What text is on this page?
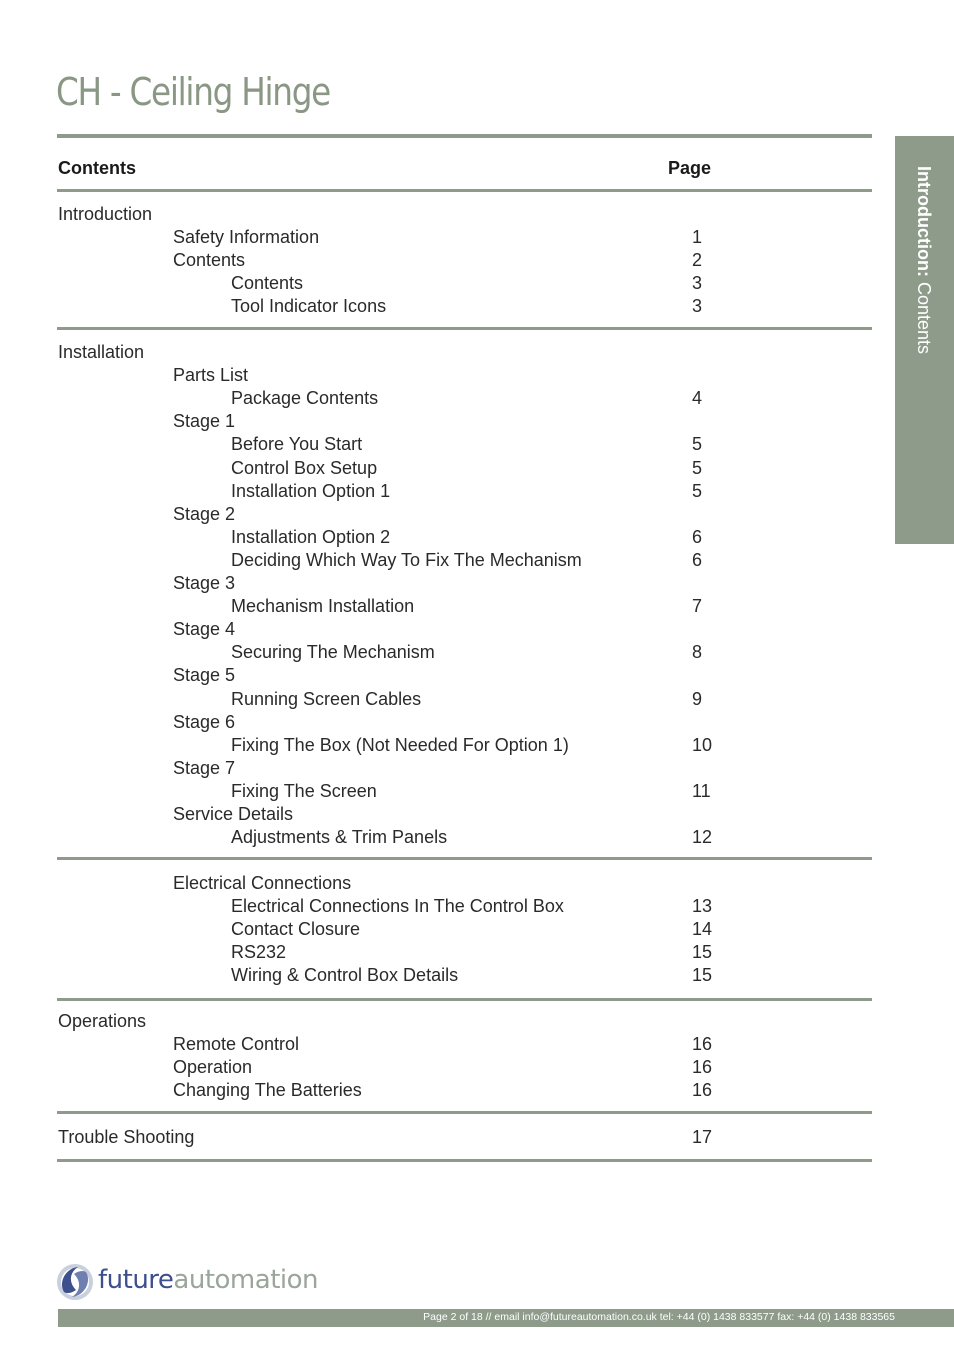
CH - Ceiling Hinge
Contents	Page
Introduction
Safety Information	1
Contents	2
Contents	3
Tool Indicator Icons	3
Installation
Parts List
Package Contents	4
Stage 1
Before You Start	5
Control Box Setup	5
Installation Option 1	5
Stage 2
Installation Option 2	6
Deciding Which Way To Fix The Mechanism	6
Stage 3
Mechanism Installation	7
Stage 4
Securing The Mechanism	8
Stage 5
Running Screen Cables	9
Stage 6
Fixing The Box (Not Needed For Option 1)	10
Stage 7
Fixing The Screen	11
Service Details
Adjustments & Trim Panels	12
Electrical Connections
Electrical Connections In The Control Box	13
Contact Closure	14
RS232	15
Wiring & Control Box Details	15
Operations
Remote Control	16
Operation	16
Changing The Batteries	16
Trouble Shooting	17
Introduction: Contents
futureautomation
Page 2 of 18 // email info@futureautomation.co.uk tel: +44 (0) 1438 833577 fax: +44 (0) 1438 833565
